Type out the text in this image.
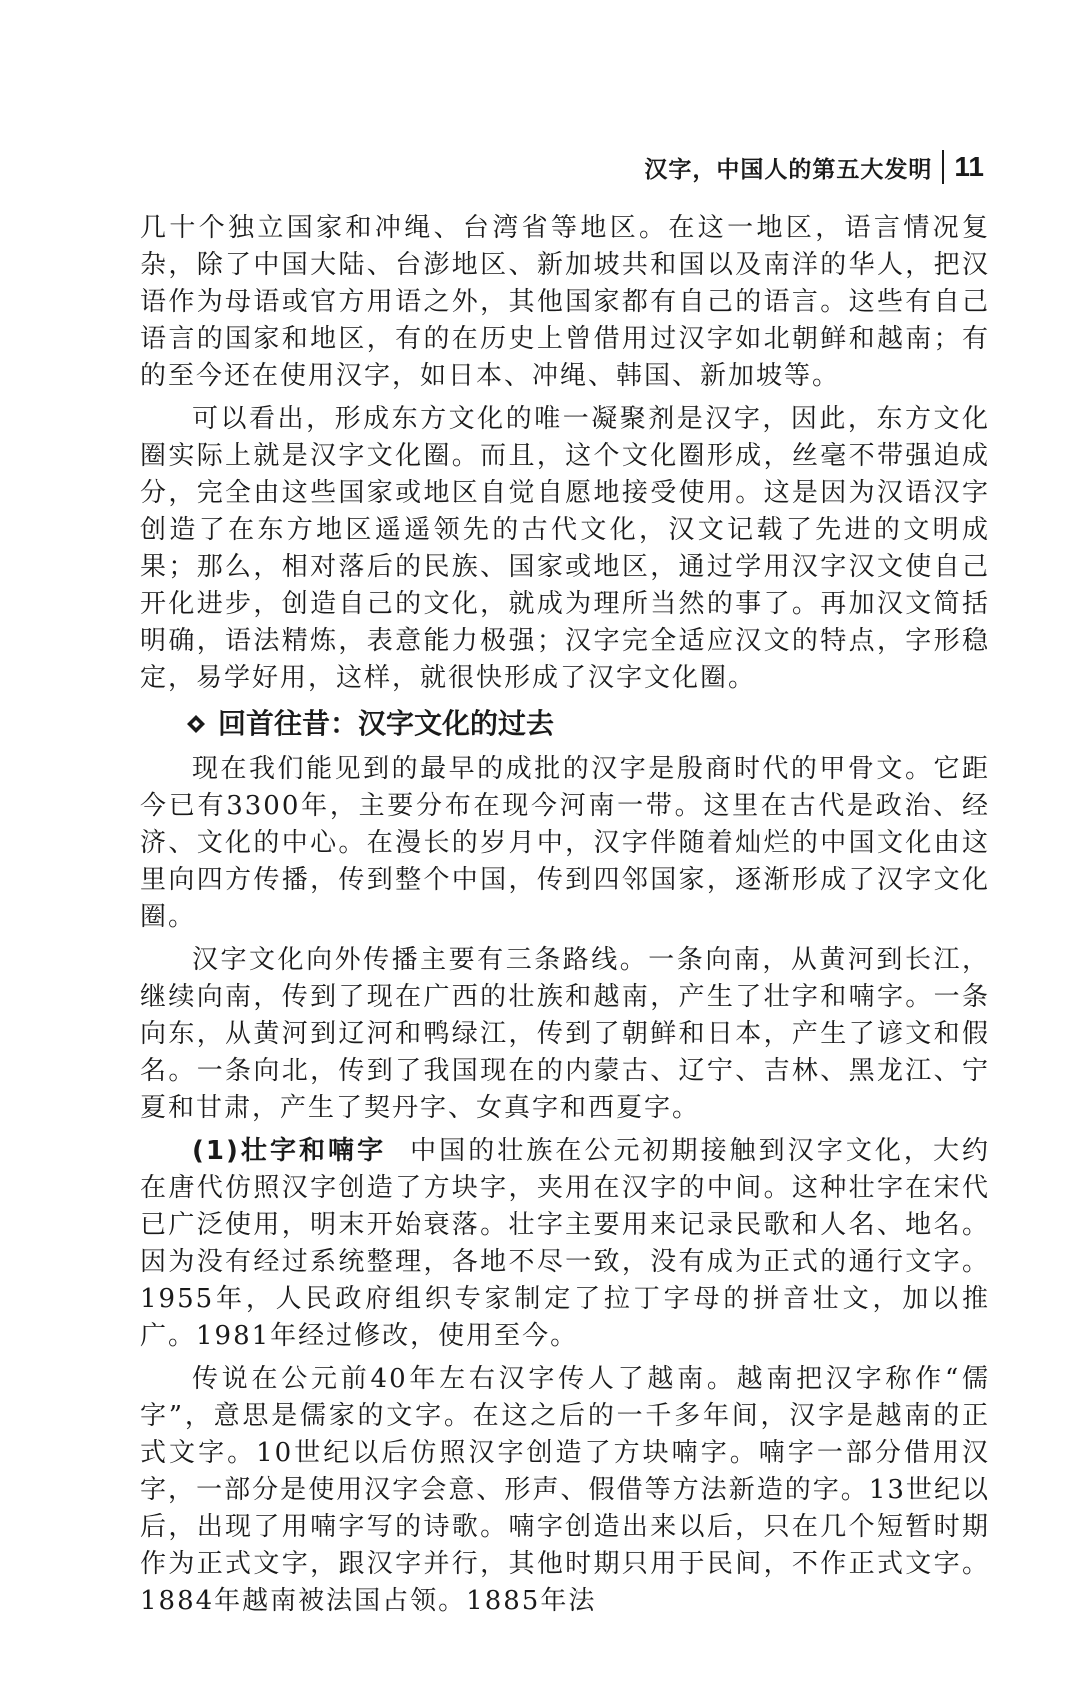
汉字，中国人的第五大发明 11

几十个独立国家和冲绳、台湾省等地区。在这一地区，语言情况复杂，除了中国大陆、台澎地区、新加坡共和国以及南洋的华人，把汉语作为母语或官方用语之外，其他国家都有自己的语言。这些有自己语言的国家和地区，有的在历史上曾借用过汉字如北朝鲜和越南；有的至今还在使用汉字，如日本、冲绳、韩国、新加坡等。

可以看出，形成东方文化的唯一凝聚剂是汉字，因此，东方文化圈实际上就是汉字文化圈。而且，这个文化圈形成，丝毫不带强迫成分，完全由这些国家或地区自觉自愿地接受使用。这是因为汉语汉字创造了在东方地区遥遥领先的古代文化，汉文记载了先进的文明成果；那么，相对落后的民族、国家或地区，通过学用汉字汉文使自己开化进步，创造自己的文化，就成为理所当然的事了。再加汉文简括明确，语法精炼，表意能力极强；汉字完全适应汉文的特点，字形稳定，易学好用，这样，就很快形成了汉字文化圈。

回首往昔：汉字文化的过去

现在我们能见到的最早的成批的汉字是殷商时代的甲骨文。它距今已有3300年，主要分布在现今河南一带。这里在古代是政治、经济、文化的中心。在漫长的岁月中，汉字伴随着灿烂的中国文化由这里向四方传播，传到整个中国，传到四邻国家，逐渐形成了汉字文化圈。

汉字文化向外传播主要有三条路线。一条向南，从黄河到长江，继续向南，传到了现在广西的壮族和越南，产生了壮字和喃字。一条向东，从黄河到辽河和鸭绿江，传到了朝鲜和日本，产生了谚文和假名。一条向北，传到了我国现在的内蒙古、辽宁、吉林、黑龙江、宁夏和甘肃，产生了契丹字、女真字和西夏字。

(1)壮字和喃字 中国的壮族在公元初期接触到汉字文化，大约在唐代仿照汉字创造了方块字，夹用在汉字的中间。这种壮字在宋代已广泛使用，明末开始衰落。壮字主要用来记录民歌和人名、地名。因为没有经过系统整理，各地不尽一致，没有成为正式的通行文字。1955年，人民政府组织专家制定了拉丁字母的拼音壮文，加以推广。1981年经过修改，使用至今。

传说在公元前40年左右汉字传人了越南。越南把汉字称作“儒字”，意思是儒家的文字。在这之后的一千多年间，汉字是越南的正式文字。10世纪以后仿照汉字创造了方块喃字。喃字一部分借用汉字，一部分是使用汉字会意、形声、假借等方法新造的字。13世纪以后，出现了用喃字写的诗歌。喃字创造出来以后，只在几个短暂时期作为正式文字，跟汉字并行，其他时期只用于民间，不作正式文字。1884年越南被法国占领。1885年法
